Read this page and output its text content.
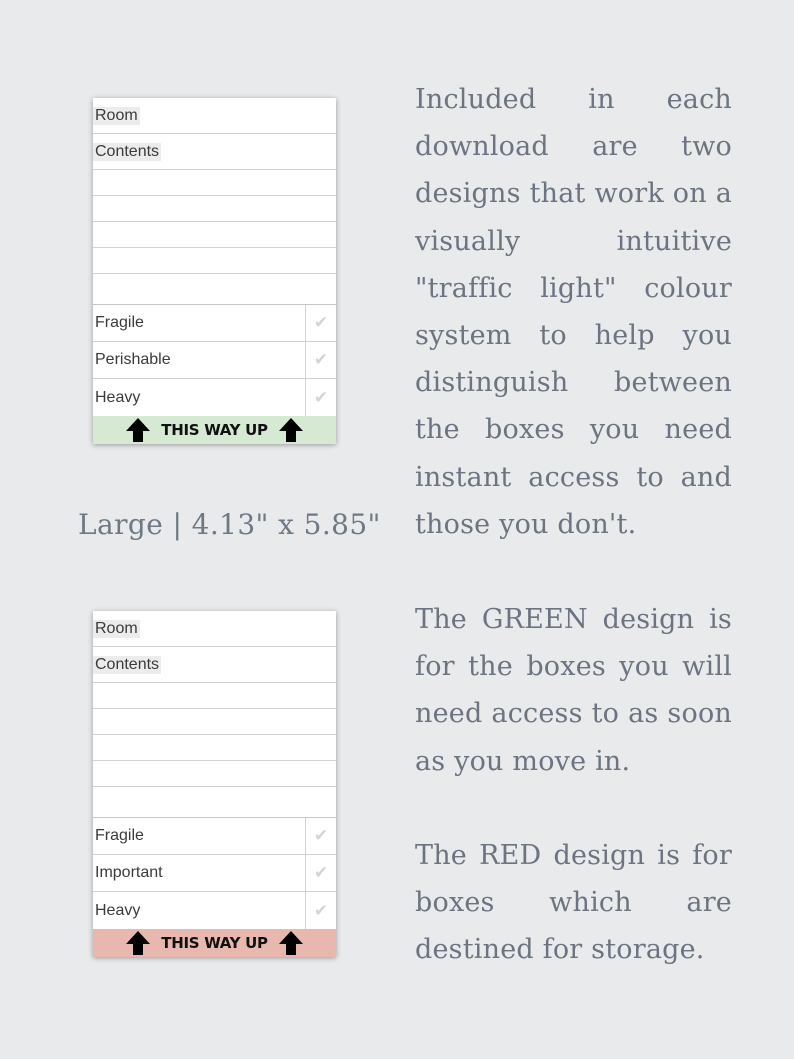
Room
Contents
Fragile	✔
Perishable	✔
Heavy	✔
THIS WAY UP
Large | 4.13" x 5.85"
Room
Contents
Fragile	✔
Important	✔
Heavy	✔
THIS WAY UP
Included in each download are two designs that work on a visually intuitive "traffic light" colour system to help you distinguish between the boxes you need instant access to and those you don't.
The GREEN design is for the boxes you will need access to as soon as you move in.
The RED design is for boxes which are destined for storage.
